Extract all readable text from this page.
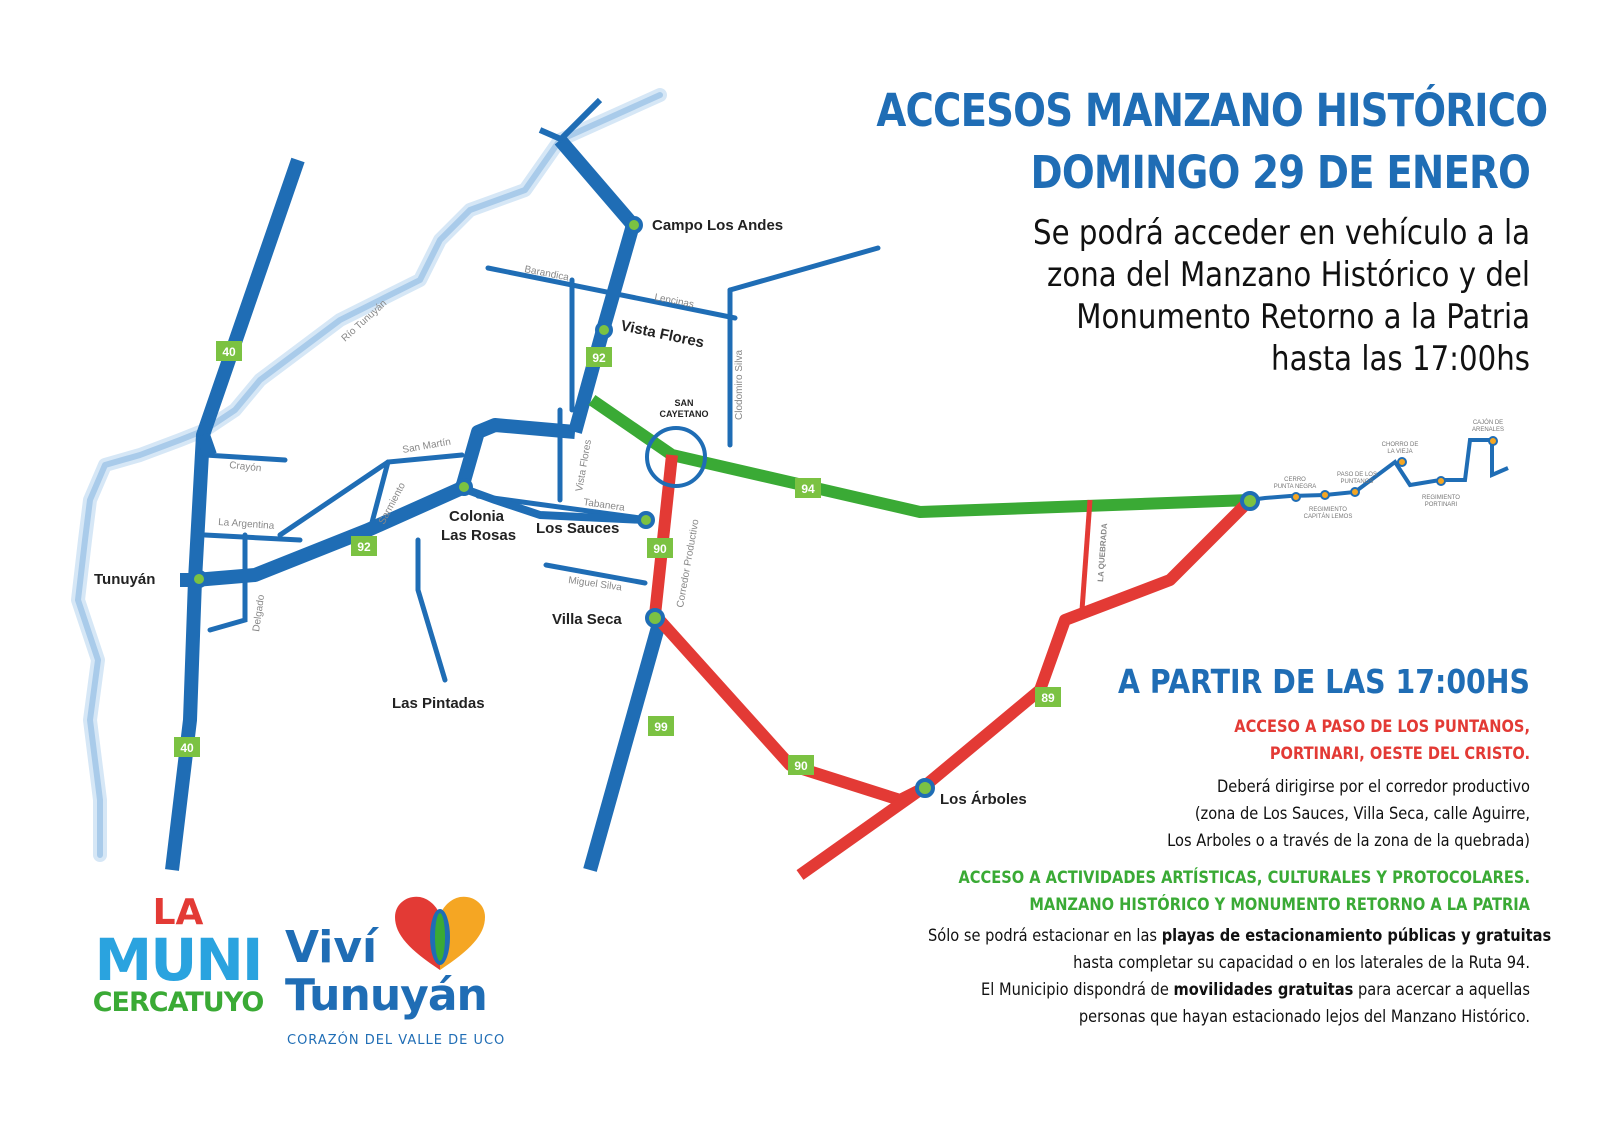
40
40
92
92
94
90
90
99
89
Campo Los Andes
Vista Flores
Colonia
Las Rosas Los Sauces
Tunuyán
Villa Seca
Las Pintadas
Los Árboles
SAN
CAYETANO
Río Tunuyán
Barandica
Lencinas
Clodomiro Silva
Vista Flores
Tabanera
San Martín
Sarmiento
Crayón
La Argentina
Delgado
Miguel Silva	Corredor Productivo	LA QUEBRADA
CERRO
PUNTA NEGRA
REGIMIENTO
CAPITÁN LEMOS
PASO DE LOS
PUNTANOS
CHORRO DE
LA VIEJA
REGIMIENTO
PORTINARI
CAJÓN DE
ARENALES
ACCESOS MANZANO HISTÓRICO
DOMINGO 29 DE ENERO
Se podrá acceder en vehículo a la
zona del Manzano Histórico y del
Monumento Retorno a la Patria
hasta las 17:00hs
A PARTIR DE LAS 17:00HS
ACCESO A PASO DE LOS PUNTANOS,
PORTINARI, OESTE DEL CRISTO.
Deberá dirigirse por el corredor productivo
(zona de Los Sauces, Villa Seca, calle Aguirre,
Los Arboles o a través de la zona de la quebrada)
ACCESO A ACTIVIDADES ARTÍSTICAS, CULTURALES Y PROTOCOLARES.
MANZANO HISTÓRICO Y MONUMENTO RETORNO A LA PATRIA
Sólo se podrá estacionar en las playas de estacionamiento públicas y gratuitas
hasta completar su capacidad o en los laterales de la Ruta 94.
El Municipio dispondrá de movilidades gratuitas para acercar a aquellas
personas que hayan estacionado lejos del Manzano Histórico.
LA
MUNI
CERCATUYO
Viví
Tunuyán
CORAZÓN DEL VALLE DE UCO
